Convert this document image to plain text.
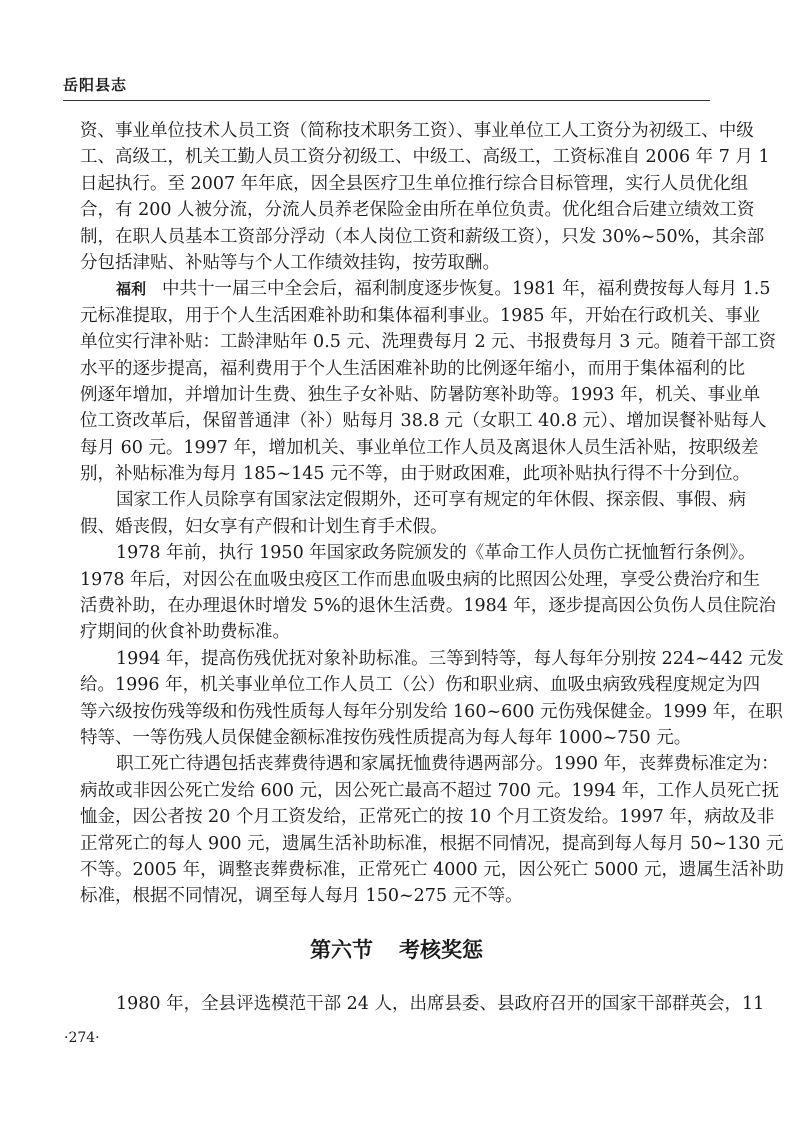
岳阳县志
资、事业单位技术人员工资（简称技术职务工资）、事业单位工人工资分为初级工、中级
工、高级工，机关工勤人员工资分初级工、中级工、高级工，工资标准自 2006 年 7 月 1
日起执行。至 2007 年年底，因全县医疗卫生单位推行综合目标管理，实行人员优化组
合，有 200 人被分流，分流人员养老保险金由所在单位负责。优化组合后建立绩效工资
制，在职人员基本工资部分浮动（本人岗位工资和薪级工资），只发 30%~50%，其余部
分包括津贴、补贴等与个人工作绩效挂钩，按劳取酬。
福利 中共十一届三中全会后，福利制度逐步恢复。1981 年，福利费按每人每月 1.5
元标准提取，用于个人生活困难补助和集体福利事业。1985 年，开始在行政机关、事业
单位实行津补贴：工龄津贴年 0.5 元、洗理费每月 2 元、书报费每月 3 元。随着干部工资
水平的逐步提高，福利费用于个人生活困难补助的比例逐年缩小，而用于集体福利的比
例逐年增加，并增加计生费、独生子女补贴、防暑防寒补助等。1993 年，机关、事业单
位工资改革后，保留普通津（补）贴每月 38.8 元（女职工 40.8 元）、增加误餐补贴每人
每月 60 元。1997 年，增加机关、事业单位工作人员及离退休人员生活补贴，按职级差
别，补贴标准为每月 185~145 元不等，由于财政困难，此项补贴执行得不十分到位。
国家工作人员除享有国家法定假期外，还可享有规定的年休假、探亲假、事假、病
假、婚丧假，妇女享有产假和计划生育手术假。
1978 年前，执行 1950 年国家政务院颁发的《革命工作人员伤亡抚恤暂行条例》。
1978 年后，对因公在血吸虫疫区工作而患血吸虫病的比照因公处理，享受公费治疗和生
活费补助，在办理退休时增发 5%的退休生活费。1984 年，逐步提高因公负伤人员住院治
疗期间的伙食补助费标准。
1994 年，提高伤残优抚对象补助标准。三等到特等，每人每年分别按 224~442 元发
给。1996 年，机关事业单位工作人员工（公）伤和职业病、血吸虫病致残程度规定为四
等六级按伤残等级和伤残性质每人每年分别发给 160~600 元伤残保健金。1999 年，在职
特等、一等伤残人员保健金额标准按伤残性质提高为每人每年 1000~750 元。
职工死亡待遇包括丧葬费待遇和家属抚恤费待遇两部分。1990 年，丧葬费标准定为：
病故或非因公死亡发给 600 元，因公死亡最高不超过 700 元。1994 年，工作人员死亡抚
恤金，因公者按 20 个月工资发给，正常死亡的按 10 个月工资发给。1997 年，病故及非
正常死亡的每人 900 元，遗属生活补助标准，根据不同情况，提高到每人每月 50~130 元
不等。2005 年，调整丧葬费标准，正常死亡 4000 元，因公死亡 5000 元，遗属生活补助
标准，根据不同情况，调至每人每月 150~275 元不等。
第六节 考核奖惩
1980 年，全县评选模范干部 24 人，出席县委、县政府召开的国家干部群英会，11
·274·
